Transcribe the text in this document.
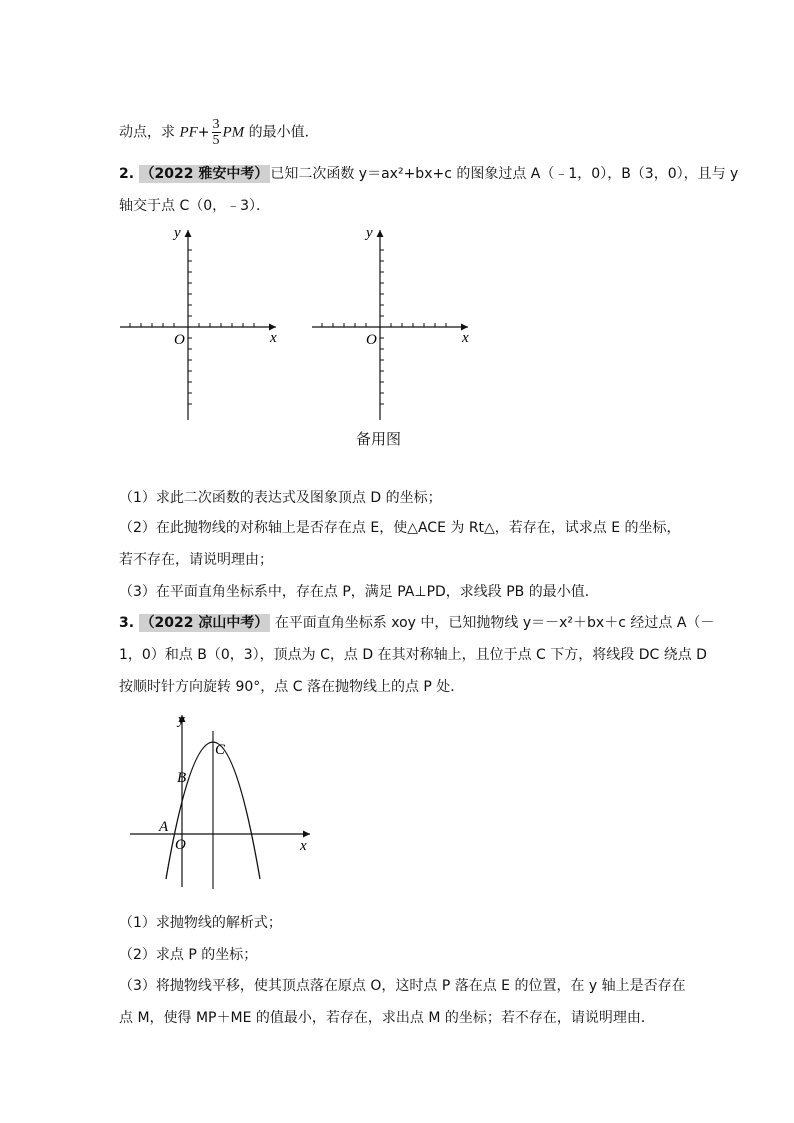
动点，求 $PF+ \frac{3}{5}$ PM 的最小值．
2. （2022 雅安中考） 已知二次函数 y＝ax²+bx+c 的图象过点 A（﹣1，0），B（3，0），且与 y
轴交于点 C（0，﹣3）．
y
x
O
y
x
O
备用图
（1）求此二次函数的表达式及图象顶点 D 的坐标；
（2）在此抛物线的对称轴上是否存在点 E，使△ACE 为 Rt△，若存在，试求点 E 的坐标，
若不存在，请说明理由；
（3）在平面直角坐标系中，存在点 P，满足 PA⊥PD，求线段 PB 的最小值．
3. （2022 凉山中考） 在平面直角坐标系 xoy 中，已知抛物线 y＝－x²＋bx＋c 经过点 A（－
1，0）和点 B（0，3），顶点为 C，点 D 在其对称轴上，且位于点 C 下方，将线段 DC 绕点 D
按顺时针方向旋转 90°，点 C 落在抛物线上的点 P 处．
y
x
O
A
B
C
（1）求抛物线的解析式；
（2）求点 P 的坐标；
（3）将抛物线平移，使其顶点落在原点 O，这时点 P 落在点 E 的位置，在 y 轴上是否存在
点 M，使得 MP＋ME 的值最小，若存在，求出点 M 的坐标；若不存在，请说明理由．
